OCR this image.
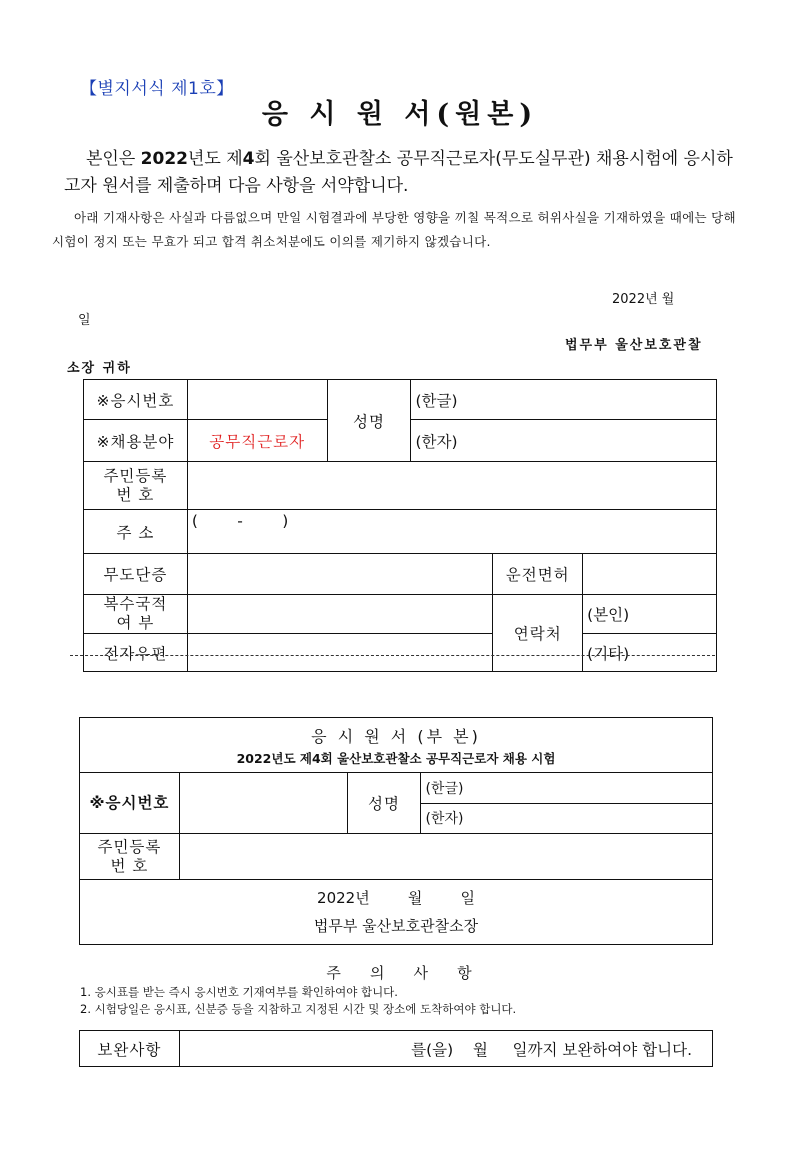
【별지서식 제1호】
응 시 원 서(원본)
본인은 2022년도 제4회 울산보호관찰소 공무직근로자(무도실무관) 채용시험에 응시하고자 원서를 제출하며 다음 사항을 서약합니다.
아래 기재사항은 사실과 다름없으며 만일 시험결과에 부당한 영향을 끼칠 목적으로 허위사실을 기재하였을 때에는 당해 시험이 정지 또는 무효가 되고 합격 취소처분에도 이의를 제기하지 않겠습니다.
2022년 월
일
법무부 울산보호관찰
소장 귀하
※응시번호		성명	(한글)		
※채용분야	공무직근로자		(한자)		
주민등록
번 호					
주 소	(        -        )				
무도단증				운전면허	
복수국적
여 부				연락처	(본인)
전자우편					(기타)
응 시 원 서 (부 본)
2022년도 제4회 울산보호관찰소 공무직근로자 채용 시험			

※응시번호		성명	(한글)
			(한자)
주민등록
번 호			

2022년        월        일
법무부 울산보호관찰소장			
주    의    사    항
1. 응시표를 받는 즉시 응시번호 기재여부를 확인하여야 합니다.
2. 시험당일은 응시표, 신분증 등을 지참하고 지정된 시간 및 장소에 도착하여야 합니다.
보완사항	를(을)    월     일까지 보완하여야 합니다.
